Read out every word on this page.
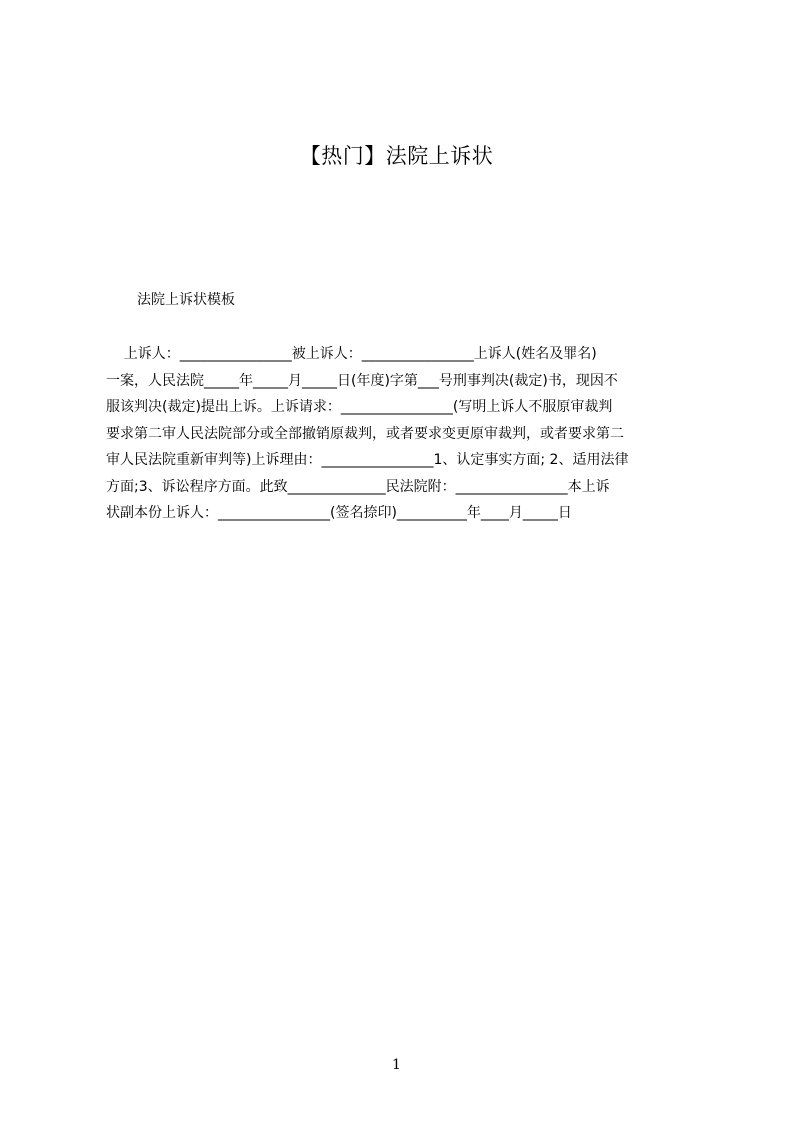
【热门】法院上诉状
法院上诉状模板
上诉人：________________被上诉人：________________上诉人(姓名及罪名)
一案，人民法院_____年_____月_____日(年度)字第___号刑事判决(裁定)书，现因不
服该判决(裁定)提出上诉。上诉请求：________________(写明上诉人不服原审裁判
要求第二审人民法院部分或全部撤销原裁判，或者要求变更原审裁判，或者要求第二
审人民法院重新审判等)上诉理由：________________1、认定事实方面; 2、适用法律
方面;3、诉讼程序方面。此致______________民法院附：________________本上诉
状副本份上诉人：________________(签名捺印)__________年____月_____日
1
